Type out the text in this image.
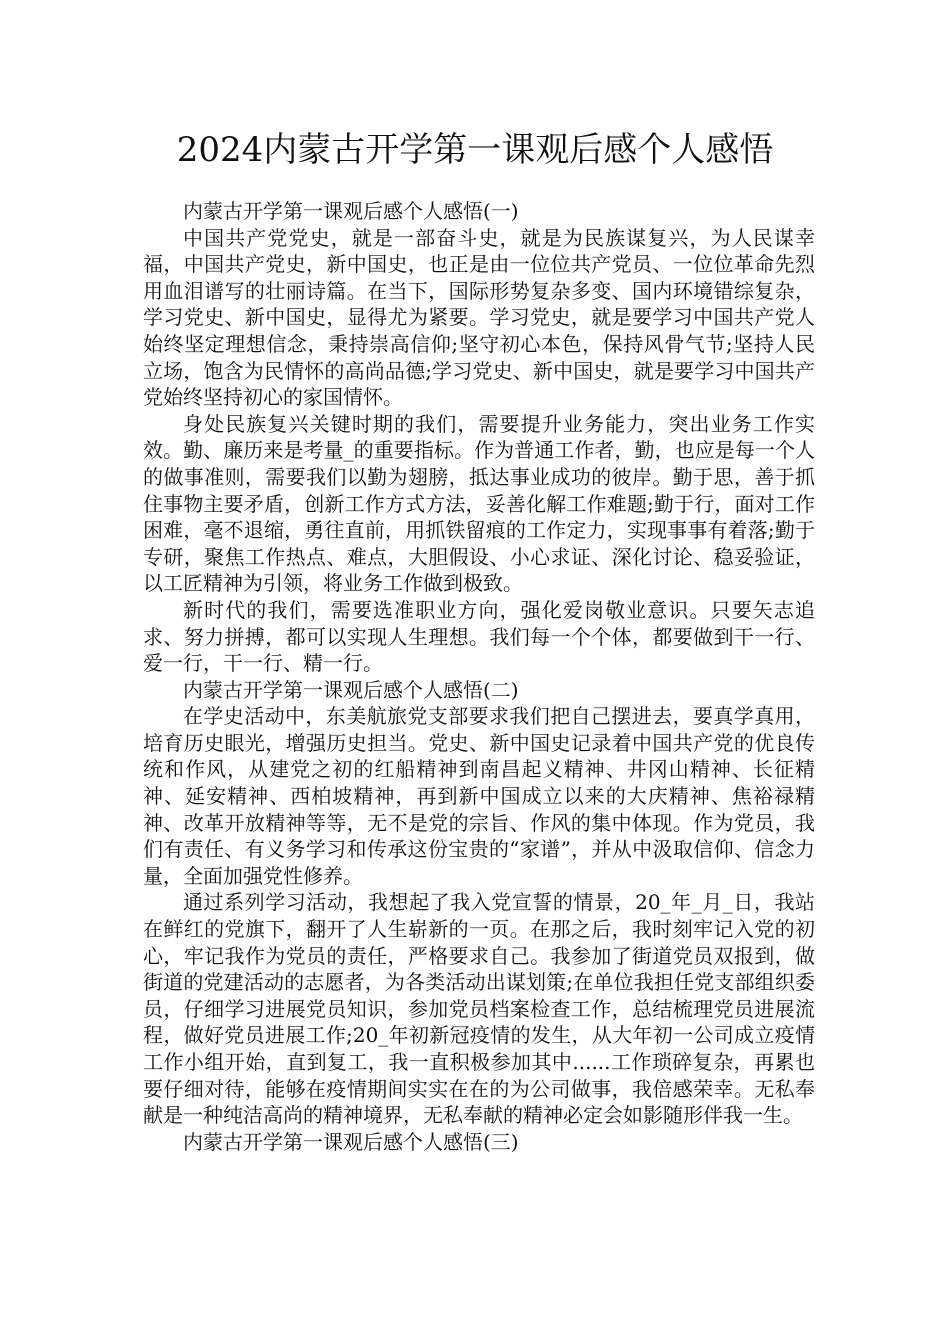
2024内蒙古开学第一课观后感个人感悟

内蒙古开学第一课观后感个人感悟(一)

中国共产党党史，就是一部奋斗史，就是为民族谋复兴，为人民谋幸福，中国共产党史，新中国史，也正是由一位位共产党员、一位位革命先烈用血泪谱写的壮丽诗篇。在当下，国际形势复杂多变、国内环境错综复杂，学习党史、新中国史，显得尤为紧要。学习党史，就是要学习中国共产党人始终坚定理想信念，秉持崇高信仰;坚守初心本色，保持风骨气节;坚持人民立场，饱含为民情怀的高尚品德;学习党史、新中国史，就是要学习中国共产党始终坚持初心的家国情怀。

身处民族复兴关键时期的我们，需要提升业务能力，突出业务工作实效。勤、廉历来是考量_的重要指标。作为普通工作者，勤，也应是每一个人的做事准则，需要我们以勤为翅膀，抵达事业成功的彼岸。勤于思，善于抓住事物主要矛盾，创新工作方式方法，妥善化解工作难题;勤于行，面对工作困难，毫不退缩，勇往直前，用抓铁留痕的工作定力，实现事事有着落;勤于专研，聚焦工作热点、难点，大胆假设、小心求证、深化讨论、稳妥验证，以工匠精神为引领，将业务工作做到极致。

新时代的我们，需要选准职业方向，强化爱岗敬业意识。只要矢志追求、努力拼搏，都可以实现人生理想。我们每一个个体，都要做到干一行、爱一行，干一行、精一行。

内蒙古开学第一课观后感个人感悟(二)

在学史活动中，东美航旅党支部要求我们把自己摆进去，要真学真用，培育历史眼光，增强历史担当。党史、新中国史记录着中国共产党的优良传统和作风，从建党之初的红船精神到南昌起义精神、井冈山精神、长征精神、延安精神、西柏坡精神，再到新中国成立以来的大庆精神、焦裕禄精神、改革开放精神等等，无不是党的宗旨、作风的集中体现。作为党员，我们有责任、有义务学习和传承这份宝贵的“家谱”，并从中汲取信仰、信念力量，全面加强党性修养。

通过系列学习活动，我想起了我入党宣誓的情景，20_年_月_日，我站在鲜红的党旗下，翻开了人生崭新的一页。在那之后，我时刻牢记入党的初心，牢记我作为党员的责任，严格要求自己。我参加了街道党员双报到，做街道的党建活动的志愿者，为各类活动出谋划策;在单位我担任党支部组织委员，仔细学习进展党员知识，参加党员档案检查工作，总结梳理党员进展流程，做好党员进展工作;20_年初新冠疫情的发生，从大年初一公司成立疫情工作小组开始，直到复工，我一直积极参加其中......工作琐碎复杂，再累也要仔细对待，能够在疫情期间实实在在的为公司做事，我倍感荣幸。无私奉献是一种纯洁高尚的精神境界，无私奉献的精神必定会如影随形伴我一生。

内蒙古开学第一课观后感个人感悟(三)
